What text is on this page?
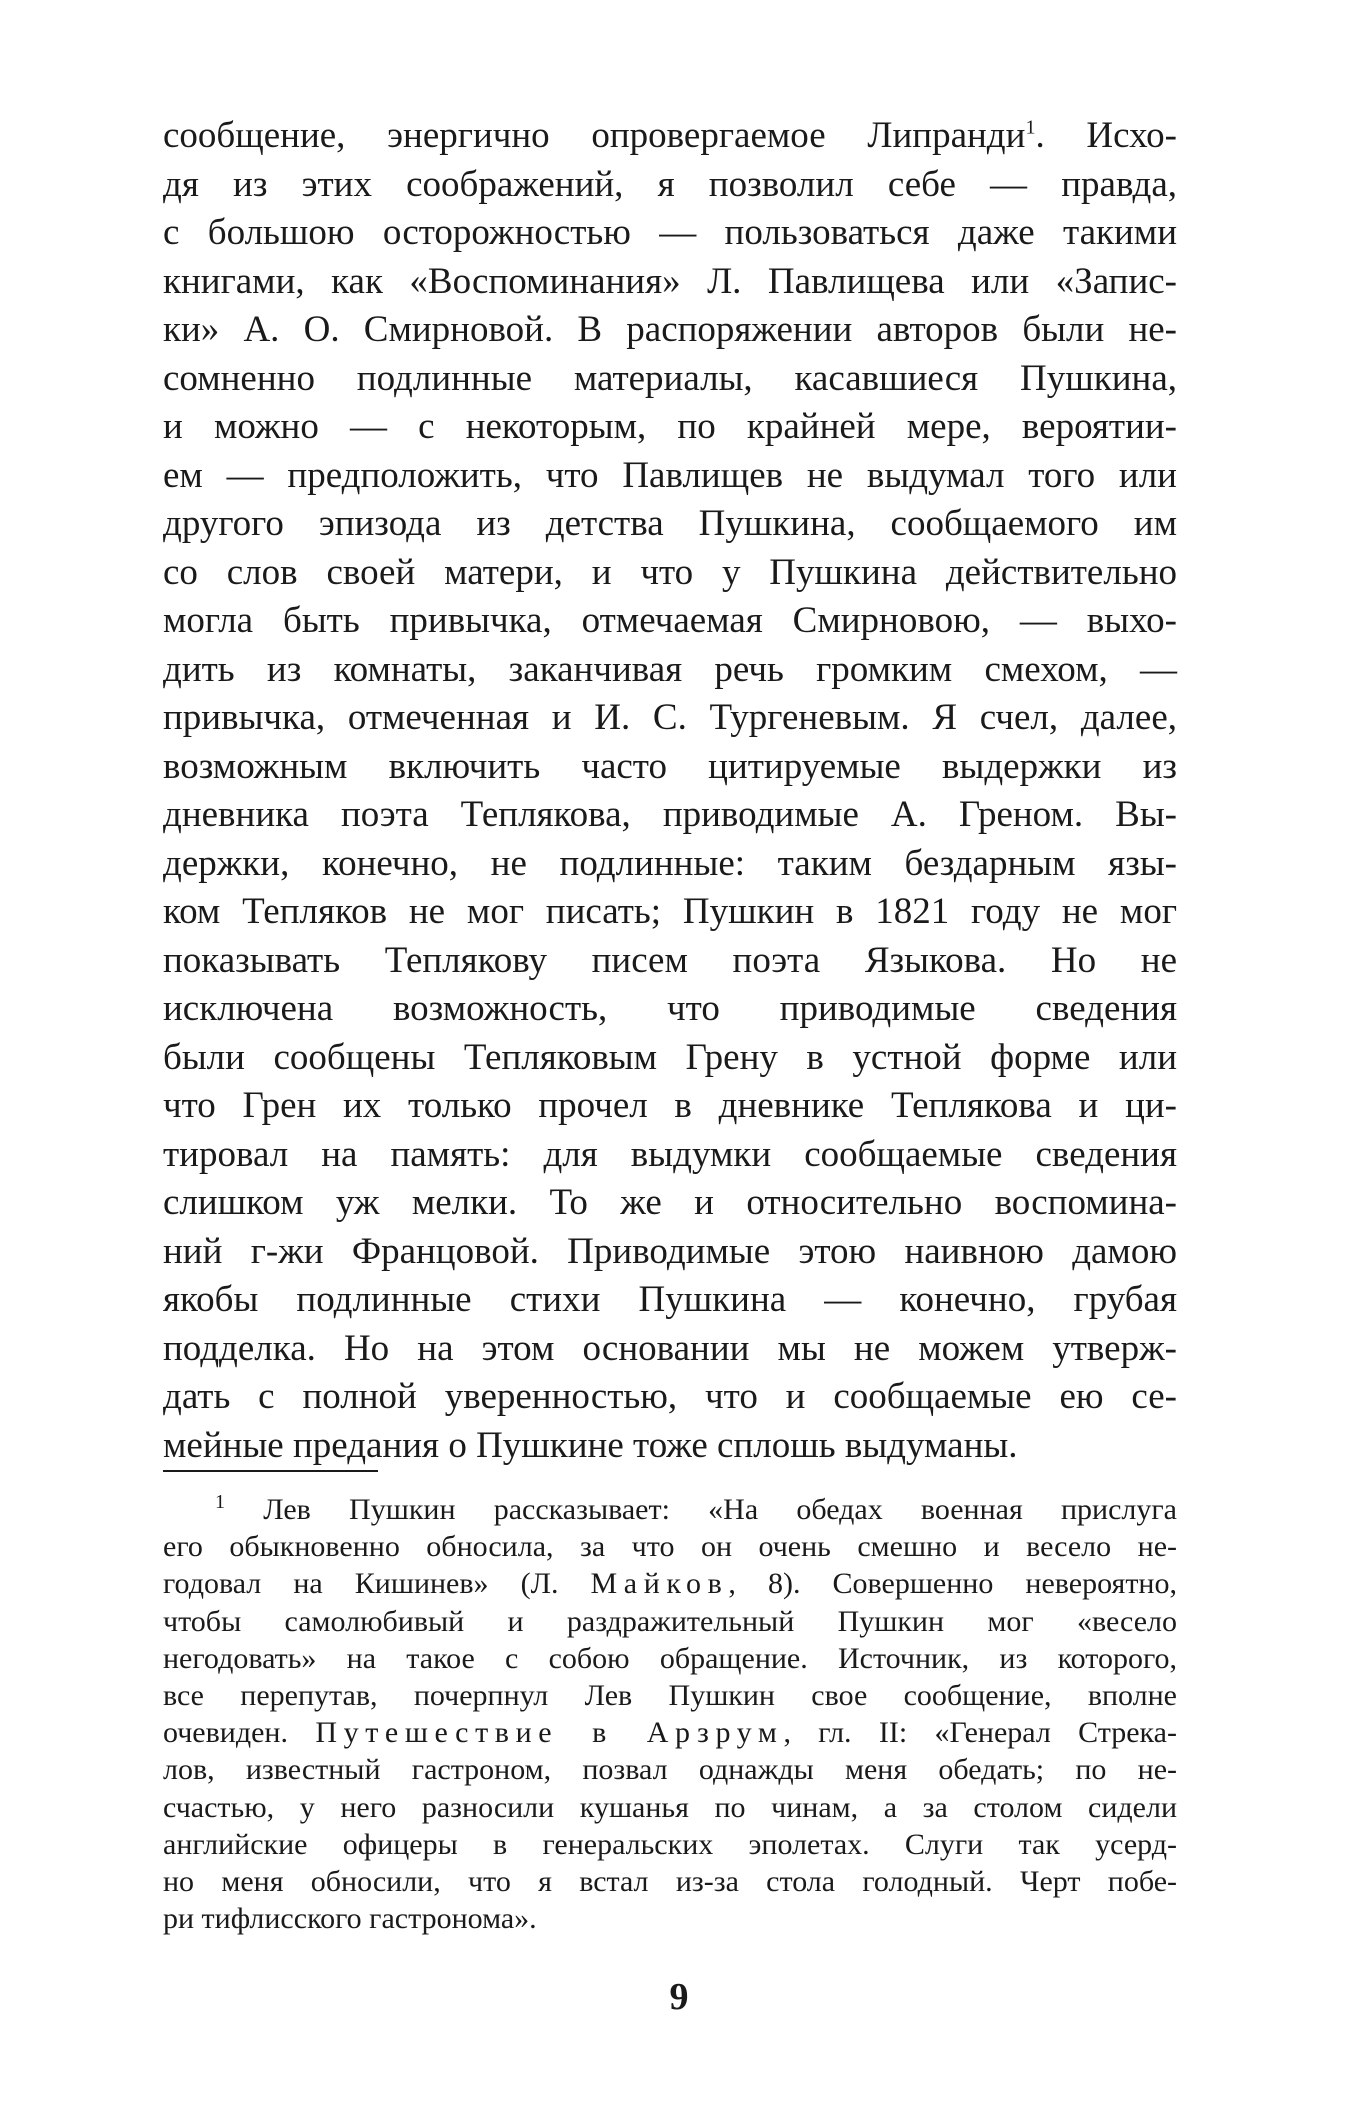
сообщение, энергично опровергаемое Липранди$^1$. Исхо-
дя из этих соображений, я позволил себе — правда,
с большою осторожностью — пользоваться даже такими
книгами, как «Воспоминания» Л. Павлищева или «Запис-
ки» А. О. Смирновой. В распоряжении авторов были не-
сомненно подлинные материалы, касавшиеся Пушкина,
и можно — с некоторым, по крайней мере, вероятии-
ем — предположить, что Павлищев не выдумал того или
другого эпизода из детства Пушкина, сообщаемого им
со слов своей матери, и что у Пушкина действительно
могла быть привычка, отмечаемая Смирновою, — выхо-
дить из комнаты, заканчивая речь громким смехом, —
привычка, отмеченная и И. С. Тургеневым. Я счел, далее,
возможным включить часто цитируемые выдержки из
дневника поэта Теплякова, приводимые А. Греном. Вы-
держки, конечно, не подлинные: таким бездарным язы-
ком Тепляков не мог писать; Пушкин в 1821 году не мог
показывать Теплякову писем поэта Языкова. Но не
исключена возможность, что приводимые сведения
были сообщены Тепляковым Грену в устной форме или
что Грен их только прочел в дневнике Теплякова и ци-
тировал на память: для выдумки сообщаемые сведения
слишком уж мелки. То же и относительно воспомина-
ний г-жи Францовой. Приводимые этою наивною дамою
якобы подлинные стихи Пушкина — конечно, грубая
подделка. Но на этом основании мы не можем утверж-
дать с полной уверенностью, что и сообщаемые ею се-
мейные предания о Пушкине тоже сплошь выдуманы.
$^1$ Лев Пушкин рассказывает: «На обедах военная прислуга
его обыкновенно обносила, за что он очень смешно и весело не-
годовал на Кишинев» (Л. Майков, 8). Совершенно невероятно,
чтобы самолюбивый и раздражительный Пушкин мог «весело
негодовать» на такое с собою обращение. Источник, из которого,
все перепутав, почерпнул Лев Пушкин свое сообщение, вполне
очевиден. Путешествие в Арзрум, гл. II: «Генерал Стрека-
лов, известный гастроном, позвал однажды меня обедать; по не-
счастью, у него разносили кушанья по чинам, а за столом сидели
английские офицеры в генеральских эполетах. Слуги так усерд-
но меня обносили, что я встал из-за стола голодный. Черт побе-
ри тифлисского гастронома».
9
